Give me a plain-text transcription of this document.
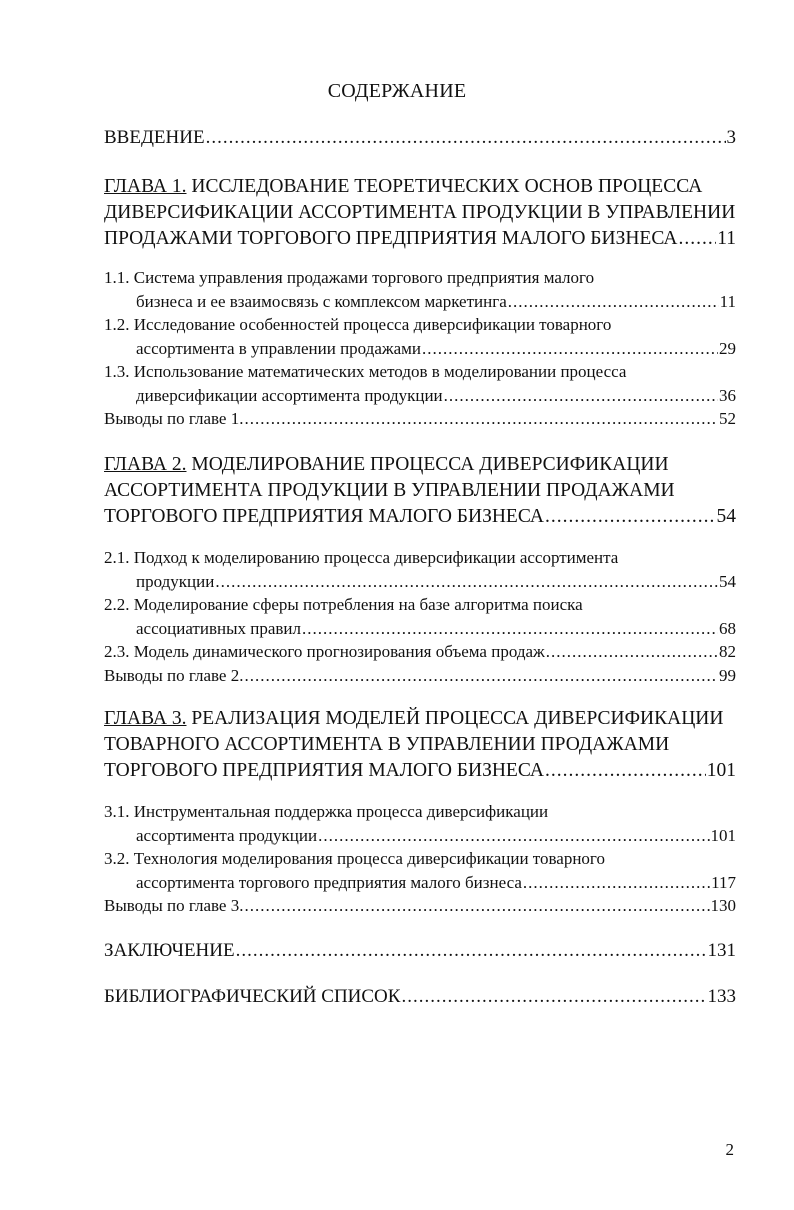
СОДЕРЖАНИЕ
ВВЕДЕНИЕ .....	3
ГЛАВА 1. ИССЛЕДОВАНИЕ ТЕОРЕТИЧЕСКИХ ОСНОВ ПРОЦЕССА
ДИВЕРСИФИКАЦИИ АССОРТИМЕНТА ПРОДУКЦИИ В УПРАВЛЕНИИ
ПРОДАЖАМИ ТОРГОВОГО ПРЕДПРИЯТИЯ МАЛОГО БИЗНЕСА ..... 11
1.1. Система управления продажами торгового предприятия малого
бизнеса и ее взаимосвязь с комплексом маркетинга .....	11
1.2. Исследование особенностей процесса диверсификации товарного
ассортимента в управлении продажами .....	29
1.3. Использование математических методов в моделировании процесса
диверсификации ассортимента продукции .....	36
Выводы по главе 1. .....	52
ГЛАВА 2. МОДЕЛИРОВАНИЕ ПРОЦЕССА ДИВЕРСИФИКАЦИИ
АССОРТИМЕНТА ПРОДУКЦИИ В УПРАВЛЕНИИ ПРОДАЖАМИ
ТОРГОВОГО ПРЕДПРИЯТИЯ МАЛОГО БИЗНЕСА .....	54
2.1. Подход к моделированию процесса диверсификации ассортимента
продукции .....	54
2.2. Моделирование сферы потребления на базе алгоритма поиска
ассоциативных правил .....	68
2.3. Модель динамического прогнозирования объема продаж .....	82
Выводы по главе 2. .....	99
ГЛАВА 3. РЕАЛИЗАЦИЯ МОДЕЛЕЙ ПРОЦЕССА ДИВЕРСИФИКАЦИИ
ТОВАРНОГО АССОРТИМЕНТА В УПРАВЛЕНИИ ПРОДАЖАМИ
ТОРГОВОГО ПРЕДПРИЯТИЯ МАЛОГО БИЗНЕСА .....	101
3.1. Инструментальная поддержка процесса диверсификации
ассортимента продукции .....	101
3.2. Технология моделирования процесса диверсификации товарного
ассортимента торгового предприятия малого бизнеса .....	117
Выводы по главе 3. .....	130
ЗАКЛЮЧЕНИЕ .....	131
БИБЛИОГРАФИЧЕСКИЙ СПИСОК .....	133
2
